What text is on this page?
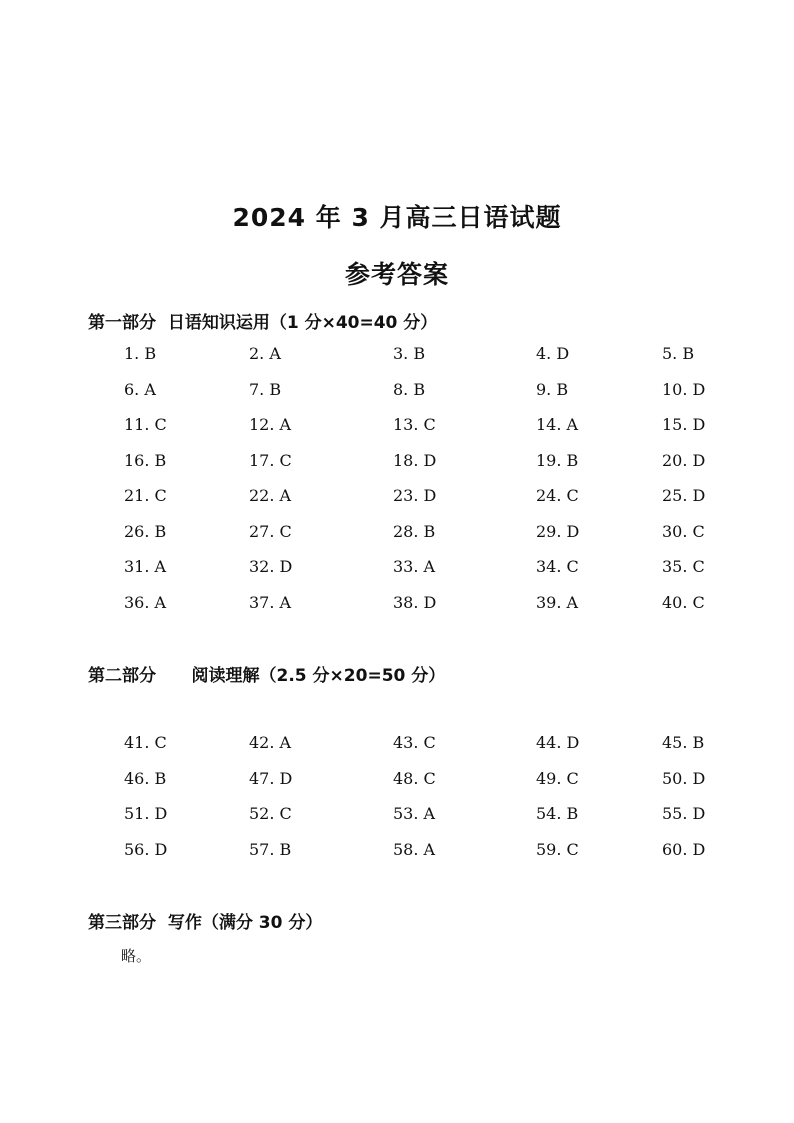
2024 年 3 月高三日语试题
参考答案
第一部分  日语知识运用（1 分×40=40 分）
1. B	2. A	3. B	4. D	5. B
6. A	7. B	8. B	9. B	10. D
11. C	12. A	13. C	14. A	15. D
16. B	17. C	18. D	19. B	20. D
21. C	22. A	23. D	24. C	25. D
26. B	27. C	28. B	29. D	30. C
31. A	32. D	33. A	34. C	35. C
36. A	37. A	38. D	39. A	40. C
第二部分      阅读理解（2.5 分×20=50 分）
41. C	42. A	43. C	44. D	45. B
46. B	47. D	48. C	49. C	50. D
51. D	52. C	53. A	54. B	55. D
56. D	57. B	58. A	59. C	60. D
第三部分  写作（满分 30 分）
略。
